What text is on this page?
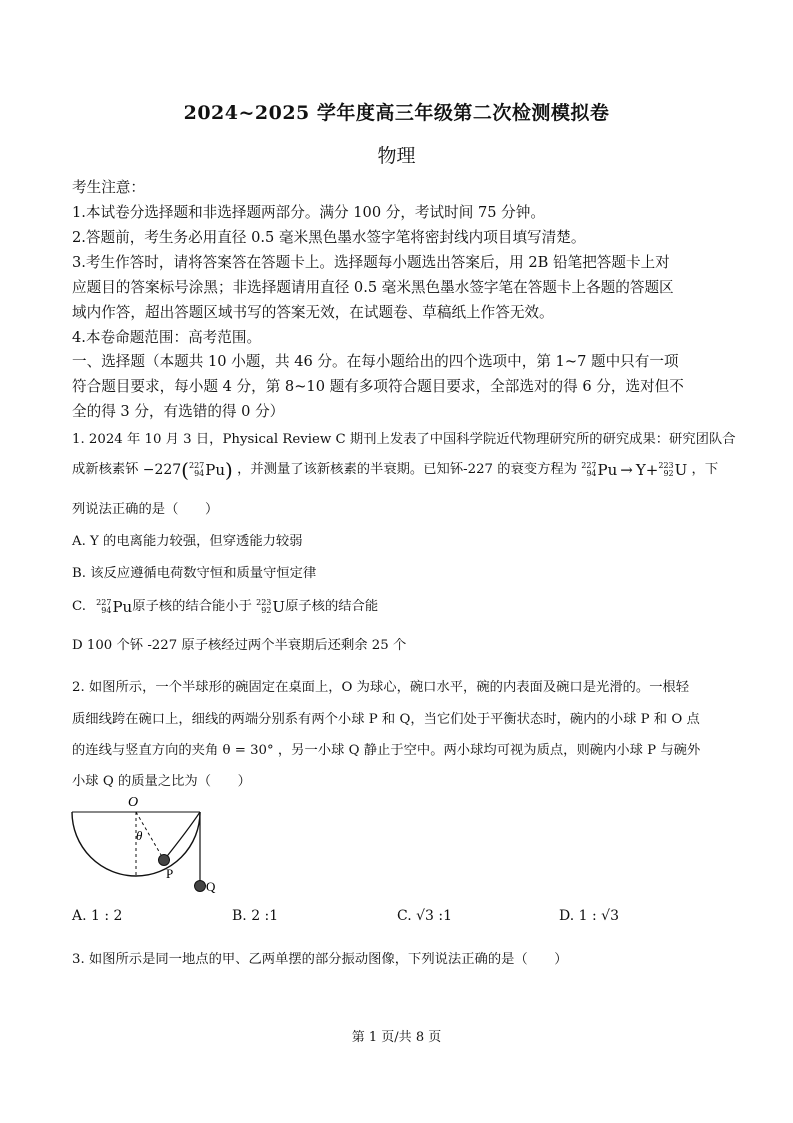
2024~2025 学年度高三年级第二次检测模拟卷
物理
考生注意：
1.本试卷分选择题和非选择题两部分。满分 100 分，考试时间 75 分钟。
2.答题前，考生务必用直径 0.5 毫米黑色墨水签字笔将密封线内项目填写清楚。
3.考生作答时，请将答案答在答题卡上。选择题每小题选出答案后，用 2B 铅笔把答题卡上对
应题目的答案标号涂黑；非选择题请用直径 0.5 毫米黑色墨水签字笔在答题卡上各题的答题区
域内作答，超出答题区域书写的答案无效，在试题卷、草稿纸上作答无效。
4.本卷命题范围：高考范围。
一、选择题（本题共 10 小题，共 46 分。在每小题给出的四个选项中，第 1~7 题中只有一项
符合题目要求，每小题 4 分，第 8~10 题有多项符合题目要求，全部选对的得 6 分，选对但不
全的得 3 分，有选错的得 0 分）
1. 2024 年 10 月 3 日，Physical Review C 期刊上发表了中国科学院近代物理研究所的研究成果：研究团队合
成新核素钚 −227 ( 227
94 Pu ) ，并测量了该新核素的半衰期。已知钚-227 的衰变方程为 227
94 Pu → Y + 223
92 U ，下
列说法正确的是（　　）
A. Y 的电离能力较强，但穿透能力较弱
B. 该反应遵循电荷数守恒和质量守恒定律
C. 227
94 Pu 原子核的结合能小于 223
92 U 原子核的结合能
D 100 个钚 -227 原子核经过两个半衰期后还剩余 25 个
2. 如图所示，一个半球形的碗固定在桌面上，O 为球心，碗口水平，碗的内表面及碗口是光滑的。一根轻
质细线跨在碗口上，细线的两端分别系有两个小球 P 和 Q，当它们处于平衡状态时，碗内的小球 P 和 O 点
的连线与竖直方向的夹角 θ = 30° ，另一小球 Q 静止于空中。两小球均可视为质点，则碗内小球 P 与碗外
小球 Q 的质量之比为（　　）
O
θ
P
Q
A. 1 : 2	B. 2 :1	C. √3 :1	D. 1 : √3
3. 如图所示是同一地点的甲、乙两单摆的部分振动图像，下列说法正确的是（　　）
第 1 页/共 8 页
